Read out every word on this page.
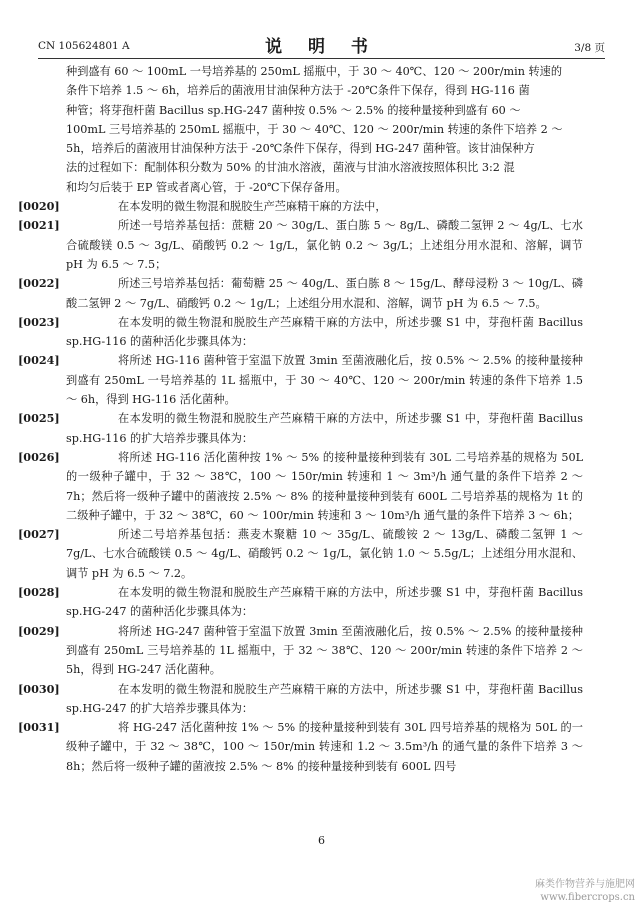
CN 105624801 A	说 明 书	3/8 页
种到盛有 60 ～ 100mL 一号培养基的 250mL 摇瓶中，于 30 ～ 40℃、120 ～ 200r/min 转速的
条件下培养 1.5 ～ 6h，培养后的菌液用甘油保种方法于 -20℃条件下保存，得到 HG-116 菌
种管；将芽孢杆菌 Bacillus sp.HG-247 菌种按 0.5% ～ 2.5% 的接种量接种到盛有 60 ～
100mL 三号培养基的 250mL 摇瓶中，于 30 ～ 40℃、120 ～ 200r/min 转速的条件下培养 2 ～
5h，培养后的菌液用甘油保种方法于 -20℃条件下保存，得到 HG-247 菌种管。该甘油保种方
法的过程如下：配制体积分数为 50% 的甘油水溶液，菌液与甘油水溶液按照体积比 3:2 混
和均匀后装于 EP 管或者离心管，于 -20℃下保存备用。
[0020]	在本发明的微生物混和脱胶生产苎麻精干麻的方法中，
[0021]	所述一号培养基包括：蔗糖 20 ～ 30g/L、蛋白胨 5 ～ 8g/L、磷酸二氢钾 2 ～ 4g/L、七水合硫酸镁 0.5 ～ 3g/L、硝酸钙 0.2 ～ 1g/L，氯化钠 0.2 ～ 3g/L；上述组分用水混和、溶解，调节 pH 为 6.5 ～ 7.5；
[0022]	所述三号培养基包括：葡萄糖 25 ～ 40g/L、蛋白胨 8 ～ 15g/L、酵母浸粉 3 ～ 10g/L、磷酸二氢钾 2 ～ 7g/L、硝酸钙 0.2 ～ 1g/L；上述组分用水混和、溶解，调节 pH 为 6.5 ～ 7.5。
[0023]	在本发明的微生物混和脱胶生产苎麻精干麻的方法中，所述步骤 S1 中，芽孢杆菌 Bacillus sp.HG-116 的菌种活化步骤具体为：
[0024]	将所述 HG-116 菌种管于室温下放置 3min 至菌液融化后，按 0.5% ～ 2.5% 的接种量接种到盛有 250mL 一号培养基的 1L 摇瓶中，于 30 ～ 40℃、120 ～ 200r/min 转速的条件下培养 1.5 ～ 6h，得到 HG-116 活化菌种。
[0025]	在本发明的微生物混和脱胶生产苎麻精干麻的方法中，所述步骤 S1 中，芽孢杆菌 Bacillus sp.HG-116 的扩大培养步骤具体为：
[0026]	将所述 HG-116 活化菌种按 1% ～ 5% 的接种量接种到装有 30L 二号培养基的规格为 50L 的一级种子罐中，于 32 ～ 38℃，100 ～ 150r/min 转速和 1 ～ 3m³/h 通气量的条件下培养 2 ～ 7h；然后将一级种子罐中的菌液按 2.5% ～ 8% 的接种量接种到装有 600L 二号培养基的规格为 1t 的二级种子罐中，于 32 ～ 38℃，60 ～ 100r/min 转速和 3 ～ 10m³/h 通气量的条件下培养 3 ～ 6h；
[0027]	所述二号培养基包括：燕麦木聚糖 10 ～ 35g/L、硫酸铵 2 ～ 13g/L、磷酸二氢钾 1 ～ 7g/L、七水合硫酸镁 0.5 ～ 4g/L、硝酸钙 0.2 ～ 1g/L，氯化钠 1.0 ～ 5.5g/L；上述组分用水混和、调节 pH 为 6.5 ～ 7.2。
[0028]	在本发明的微生物混和脱胶生产苎麻精干麻的方法中，所述步骤 S1 中，芽孢杆菌 Bacillus sp.HG-247 的菌种活化步骤具体为：
[0029]	将所述 HG-247 菌种管于室温下放置 3min 至菌液融化后，按 0.5% ～ 2.5% 的接种量接种到盛有 250mL 三号培养基的 1L 摇瓶中，于 32 ～ 38℃、120 ～ 200r/min 转速的条件下培养 2 ～ 5h，得到 HG-247 活化菌种。
[0030]	在本发明的微生物混和脱胶生产苎麻精干麻的方法中，所述步骤 S1 中，芽孢杆菌 Bacillus sp.HG-247 的扩大培养步骤具体为：
[0031]	将 HG-247 活化菌种按 1% ～ 5% 的接种量接种到装有 30L 四号培养基的规格为 50L 的一级种子罐中，于 32 ～ 38℃，100 ～ 150r/min 转速和 1.2 ～ 3.5m³/h 的通气量的条件下培养 3 ～ 8h；然后将一级种子罐的菌液按 2.5% ～ 8% 的接种量接种到装有 600L 四号
6
麻类作物营养与施肥网
www.fibercrops.cn
